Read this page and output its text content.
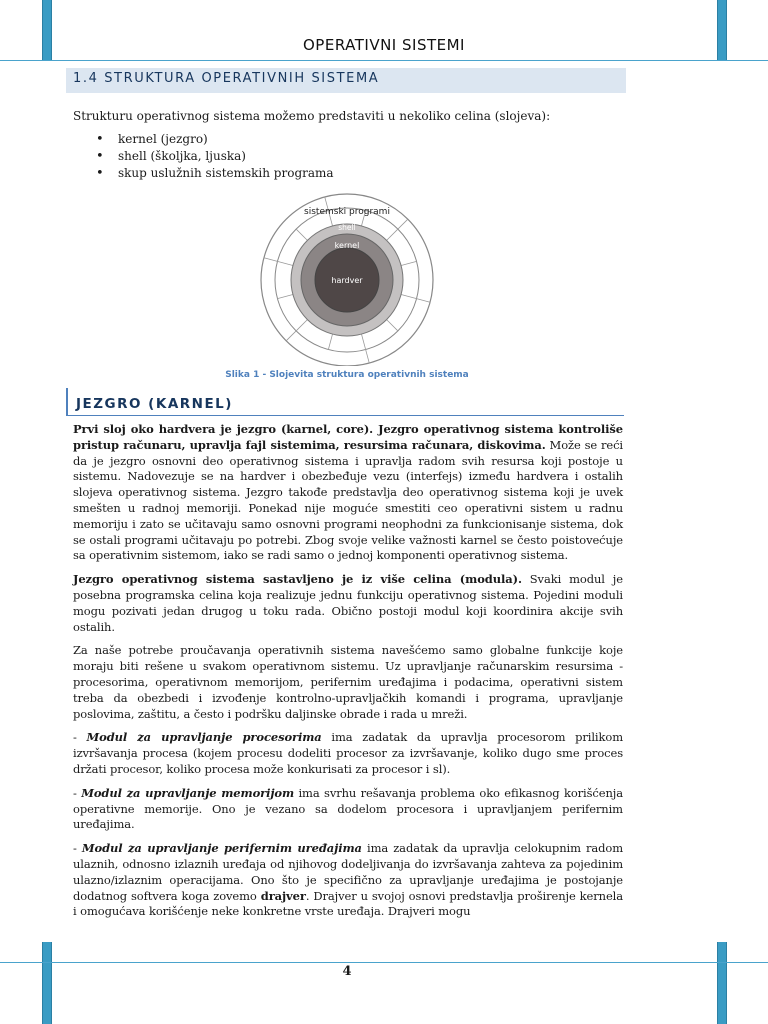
OPERATIVNI SISTEMI
1.4 STRUKTURA OPERATIVNIH SISTEMA
Strukturu operativnog sistema možemo predstaviti u nekoliko celina (slojeva):
• kernel (jezgro)
• shell (školjka, ljuska)
• skup uslužnih sistemskih programa
sistemski programi
shell
kernel
hardver
Slika 1 - Slojevita struktura operativnih sistema
JEZGRO (KARNEL)

Prvi sloj oko hardvera je jezgro (karnel, core). Jezgro operativnog sistema kontroliše pristup računaru, upravlja fajl sistemima, resursima računara, diskovima. Može se reći da je jezgro osnovni deo operativnog sistema i upravlja radom svih resursa koji postoje u sistemu. Nadovezuje se na hardver i obezbeđuje vezu (interfejs) između hardvera i ostalih slojeva operativnog sistema. Jezgro takođe predstavlja deo operativnog sistema koji je uvek smešten u radnoj memoriji. Ponekad nije moguće smestiti ceo operativni sistem u radnu memoriju i zato se učitavaju samo osnovni programi neophodni za funkcionisanje sistema, dok se ostali programi učitavaju po potrebi. Zbog svoje velike važnosti karnel se često poistovećuje sa operativnim sistemom, iako se radi samo o jednoj komponenti operativnog sistema.

Jezgro operativnog sistema sastavljeno je iz više celina (modula). Svaki modul je posebna programska celina koja realizuje jednu funkciju operativnog sistema. Pojedini moduli mogu pozivati jedan drugog u toku rada. Obično postoji modul koji koordinira akcije svih ostalih.

Za naše potrebe proučavanja operativnih sistema navešćemo samo globalne funkcije koje moraju biti rešene u svakom operativnom sistemu. Uz upravljanje računarskim resursima - procesorima, operativnom memorijom, perifernim uređajima i podacima, operativni sistem treba da obezbedi i izvođenje kontrolno-upravljačkih komandi i programa, upravljanje poslovima, zaštitu, a često i podršku daljinske obrade i rada u mreži.

- Modul za upravljanje procesorima ima zadatak da upravlja procesorom prilikom izvršavanja procesa (kojem procesu dodeliti procesor za izvršavanje, koliko dugo sme proces držati procesor, koliko procesa može konkurisati za procesor i sl).

- Modul za upravljanje memorijom ima svrhu rešavanja problema oko efikasnog korišćenja operativne memorije. Ono je vezano sa dodelom procesora i upravljanjem perifernim uređajima.

- Modul za upravljanje perifernim uređajima ima zadatak da upravlja celokupnim radom ulaznih, odnosno izlaznih uređaja od njihovog dodeljivanja do izvršavanja zahteva za pojedinim ulazno/izlaznim operacijama. Ono što je specifično za upravljanje uređajima je postojanje dodatnog softvera koga zovemo drajver. Drajver u svojoj osnovi predstavlja proširenje kernela i omogućava korišćenje neke konkretne vrste uređaja. Drajveri mogu

4
